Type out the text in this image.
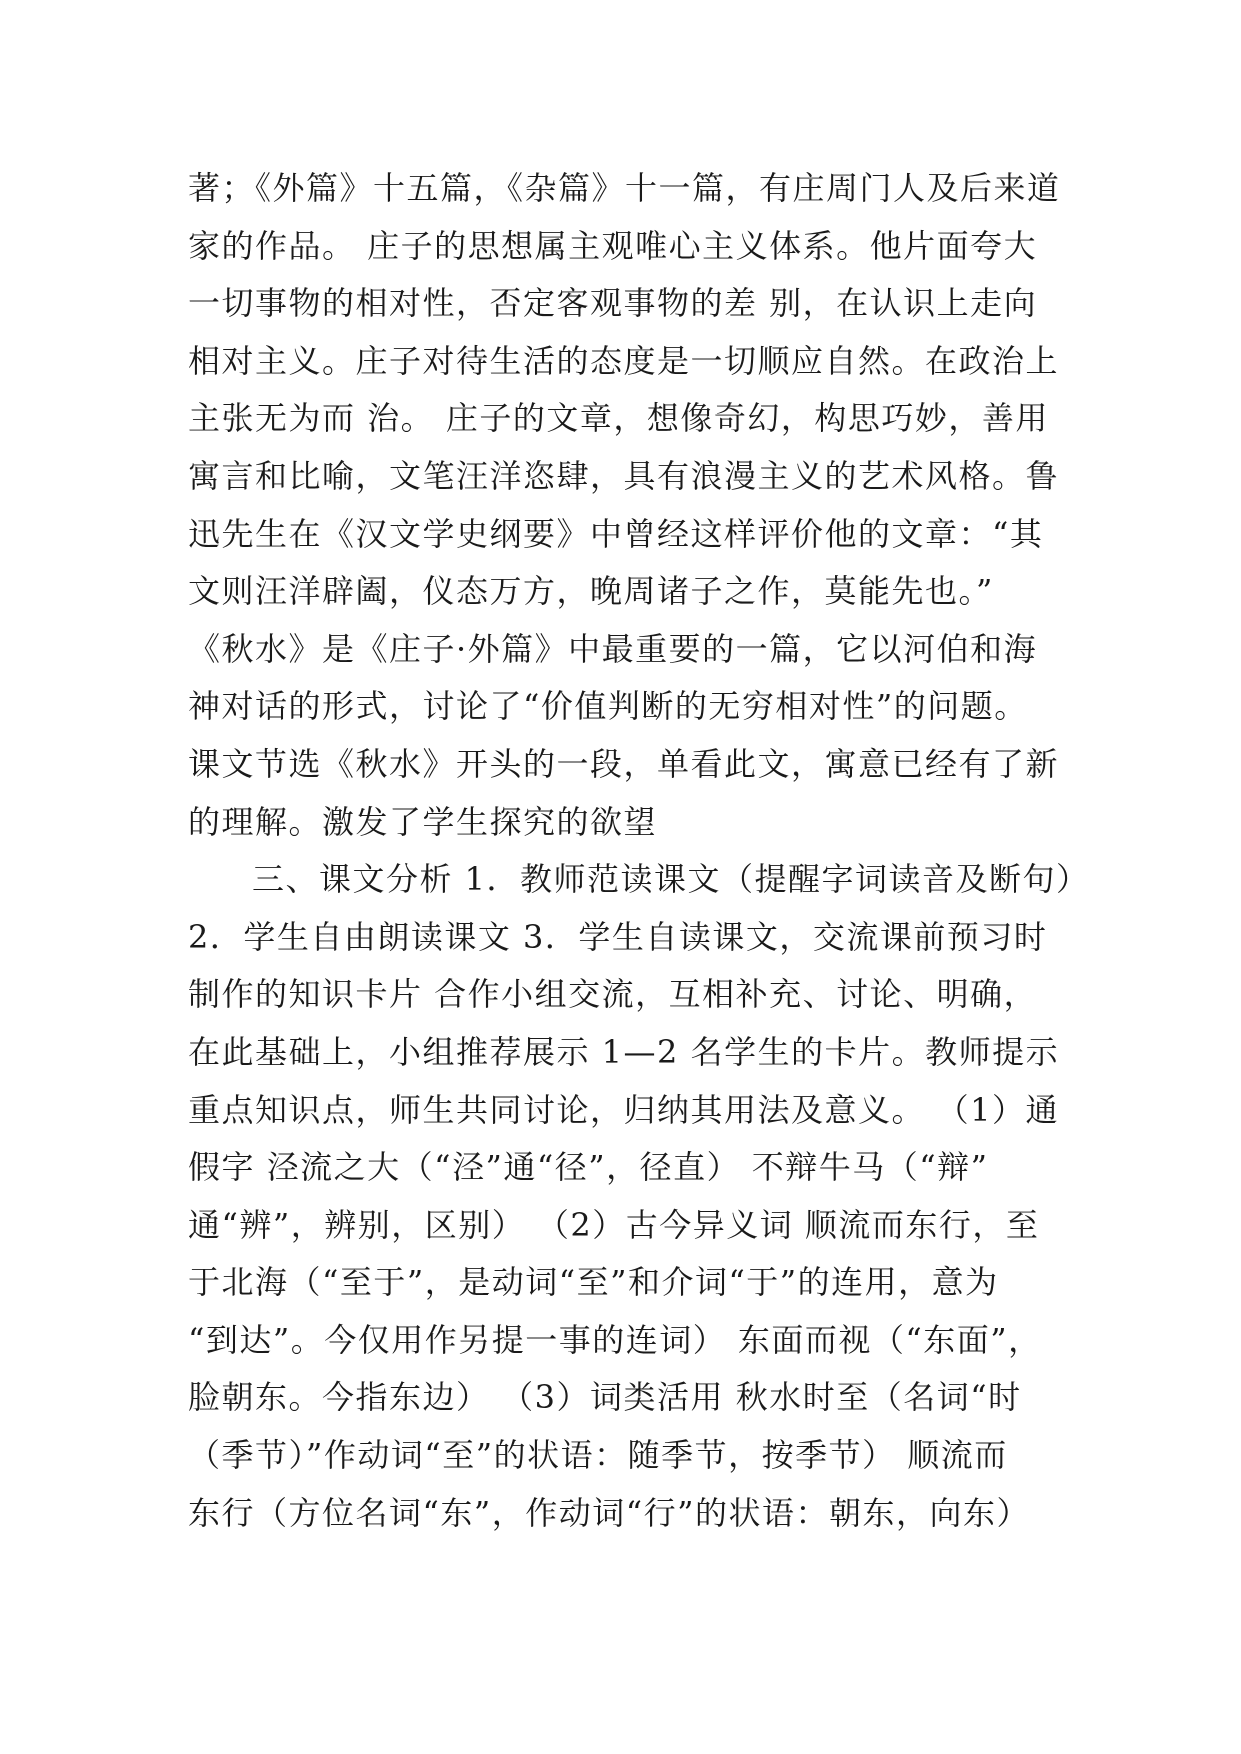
著；《外篇》十五篇，《杂篇》十一篇，有庄周门人及后来道
家的作品。 庄子的思想属主观唯心主义体系。他片面夸大
一切事物的相对性，否定客观事物的差 别，在认识上走向
相对主义。庄子对待生活的态度是一切顺应自然。在政治上
主张无为而 治。 庄子的文章，想像奇幻，构思巧妙，善用
寓言和比喻，文笔汪洋恣肆，具有浪漫主义的艺术风格。鲁
迅先生在《汉文学史纲要》中曾经这样评价他的文章：“其
文则汪洋辟阖，仪态万方，晚周诸子之作，莫能先也。”
《秋水》是《庄子·外篇》中最重要的一篇，它以河伯和海
神对话的形式，讨论了“价值判断的无穷相对性”的问题。
课文节选《秋水》开头的一段，单看此文，寓意已经有了新
的理解。激发了学生探究的欲望
三、课文分析 1．教师范读课文（提醒字词读音及断句）
2．学生自由朗读课文 3．学生自读课文，交流课前预习时
制作的知识卡片 合作小组交流，互相补充、讨论、明确，
在此基础上，小组推荐展示 1—2 名学生的卡片。教师提示
重点知识点，师生共同讨论，归纳其用法及意义。 （1）通
假字 泾流之大（“泾”通“径”，径直） 不辩牛马（“辩”
通“辨”，辨别，区别） （2）古今异义词 顺流而东行，至
于北海（“至于”，是动词“至”和介词“于”的连用，意为
“到达”。今仅用作另提一事的连词） 东面而视（“东面”，
脸朝东。今指东边） （3）词类活用 秋水时至（名词“时
（季节）”作动词“至”的状语：随季节，按季节） 顺流而
东行（方位名词“东”，作动词“行”的状语：朝东，向东）
